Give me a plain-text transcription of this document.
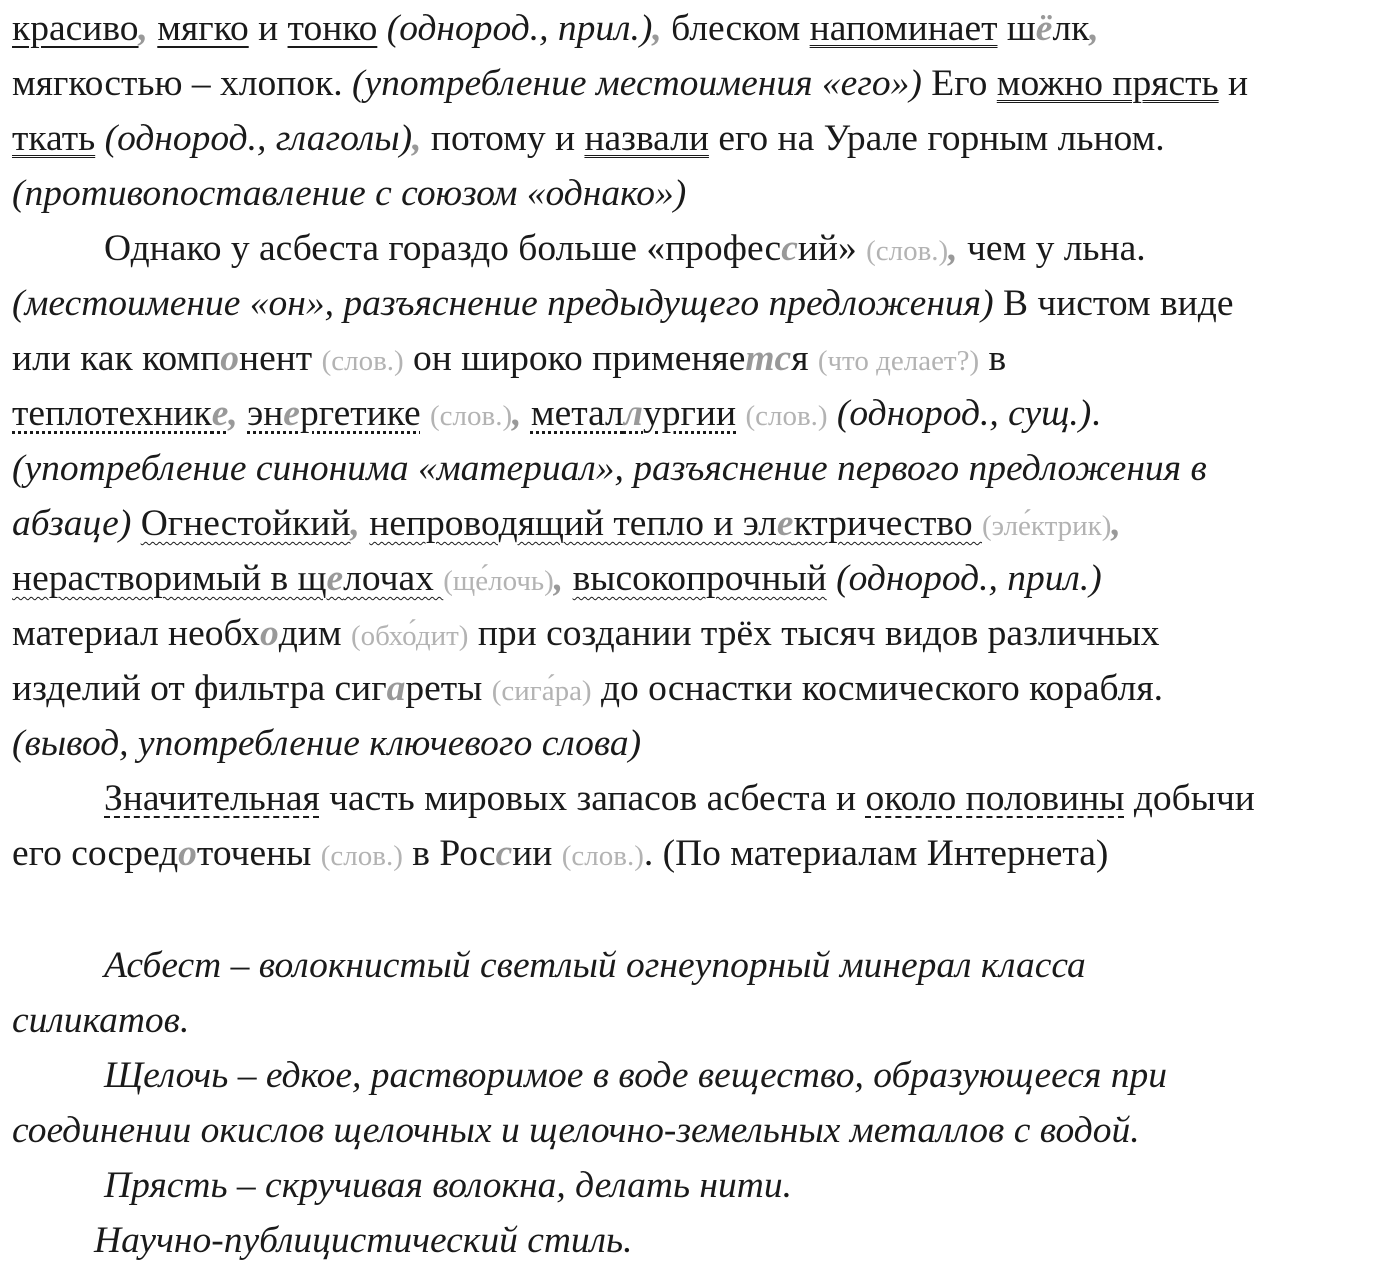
красиво, мягко и тонко (однород., прил.), блеском напоминает шёлк,
мягкостью – хлопок. (употребление местоимения «его») Его можно прясть и
ткать (однород., глаголы), потому и назвали его на Урале горным льном.
(противопоставление с союзом «однако»)
Однако у асбеста гораздо больше «профессий» (слов.), чем у льна.
(местоимение «он», разъяснение предыдущего предложения) В чистом виде
или как компонент (слов.) он широко применяется (что делает?) в
теплотехнике, энергетике (слов.), металлургии (слов.) (однород., сущ.).
(употребление синонима «материал», разъяснение первого предложения в
абзаце) Огнестойкий, непроводящий тепло и электричество (эле́ктрик),
нерастворимый в щелочах (ще́лочь), высокопрочный (однород., прил.)
материал необходим (обхо́дит) при создании трёх тысяч видов различных
изделий от фильтра сигареты (сига́ра) до оснастки космического корабля.
(вывод, употребление ключевого слова)
Значительная часть мировых запасов асбеста и около половины добычи
его сосредоточены (слов.) в России (слов.). (По материалам Интернета)
Асбест – волокнистый светлый огнеупорный минерал класса
силикатов.
Щелочь – едкое, растворимое в воде вещество, образующееся при
соединении окислов щелочных и щелочно-земельных металлов с водой.
Прясть – скручивая волокна, делать нити.
Научно-публицистический стиль.
